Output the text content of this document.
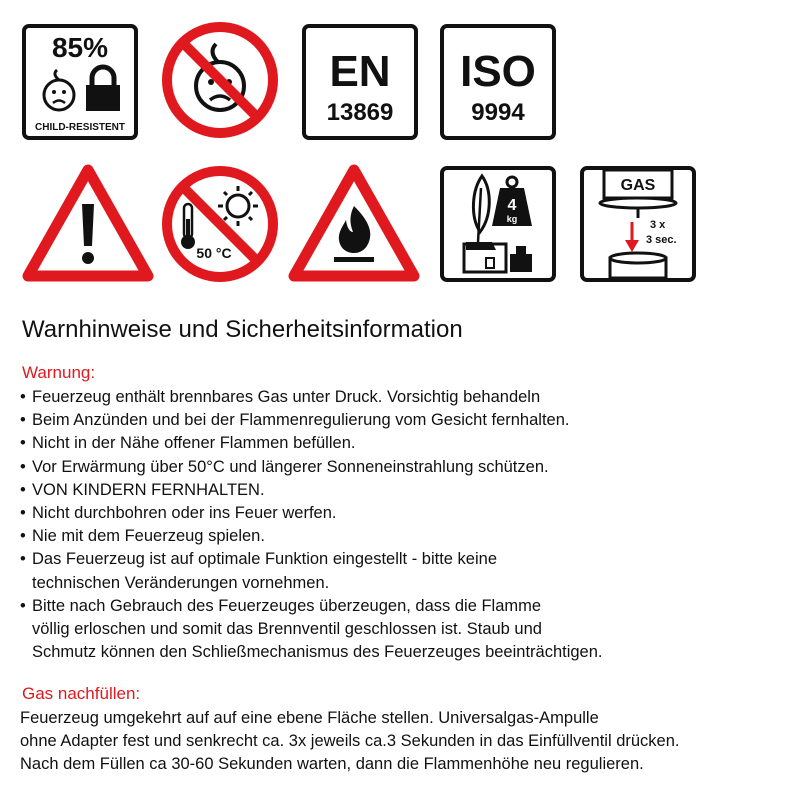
85%
CHILD-RESISTENT
EN
13869
ISO
9994
50 °C
4
kg
GAS
3 x
3 sec.
Warnhinweise und Sicherheitsinformation
Warnung:
• Feuerzeug enthält brennbares Gas unter Druck. Vorsichtig behandeln
• Beim Anzünden und bei der Flammenregulierung vom Gesicht fernhalten.
• Nicht in der Nähe offener Flammen befüllen.
• Vor Erwärmung über 50°C und längerer Sonneneinstrahlung schützen.
• VON KINDERN FERNHALTEN.
• Nicht durchbohren oder ins Feuer werfen.
• Nie mit dem Feuerzeug spielen.
• Das Feuerzeug ist auf optimale Funktion eingestellt - bitte keine
technischen Veränderungen vornehmen.
• Bitte nach Gebrauch des Feuerzeuges überzeugen, dass die Flamme
völlig erloschen und somit das Brennventil geschlossen ist. Staub und
Schmutz können den Schließmechanismus des Feuerzeuges beeinträchtigen.
Gas nachfüllen:

Feuerzeug umgekehrt auf auf eine ebene Fläche stellen. Universalgas-Ampulle
ohne Adapter fest und senkrecht ca. 3x jeweils ca.3 Sekunden in das Einfüllventil drücken.
Nach dem Füllen ca 30-60 Sekunden warten, dann die Flammenhöhe neu regulieren.
